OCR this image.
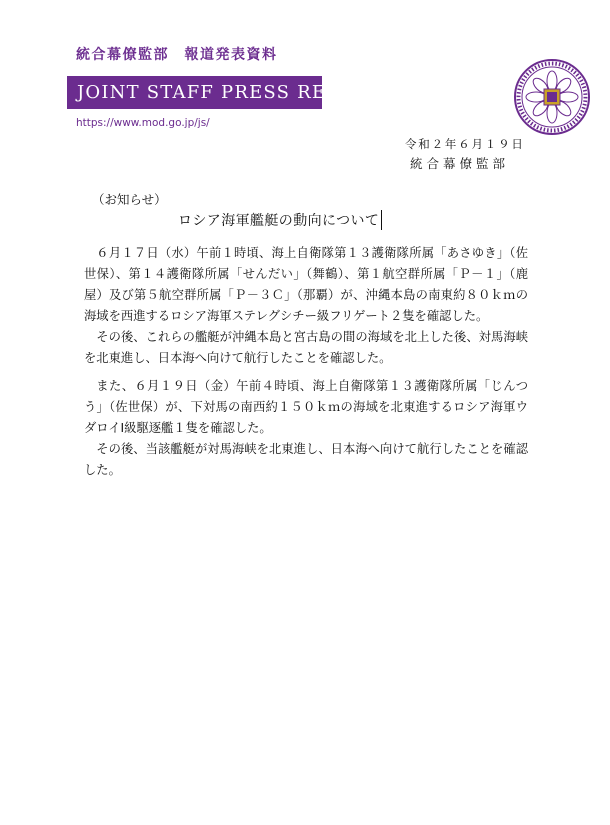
統合幕僚監部　報道発表資料
JOINT STAFF PRESS RELEASE
https://www.mod.go.jp/js/
令和２年６月１９日
統合幕僚監部
（お知らせ）
ロシア海軍艦艇の動向について

６月１７日（水）午前１時頃、海上自衛隊第１３護衛隊所属「あさゆき」（佐世保）、第１４護衛隊所属「せんだい」（舞鶴）、第１航空群所属「Ｐ－１」（鹿屋）及び第５航空群所属「Ｐ－３Ｃ」（那覇）が、沖縄本島の南東約８０ｋｍの海域を西進するロシア海軍ステレグシチー級フリゲート２隻を確認した。

その後、これらの艦艇が沖縄本島と宮古島の間の海域を北上した後、対馬海峡を北東進し、日本海へ向けて航行したことを確認した。

また、６月１９日（金）午前４時頃、海上自衛隊第１３護衛隊所属「じんつう」（佐世保）が、下対馬の南西約１５０ｋｍの海域を北東進するロシア海軍ウダロイⅠ級駆逐艦１隻を確認した。

その後、当該艦艇が対馬海峡を北東進し、日本海へ向けて航行したことを確認した。
